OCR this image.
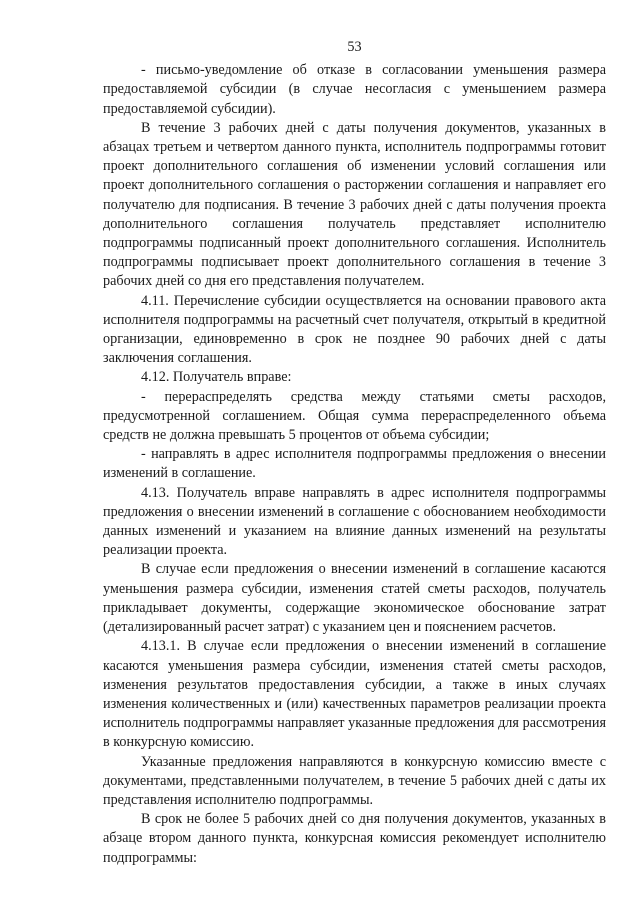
53

- письмо-уведомление об отказе в согласовании уменьшения размера предоставляемой субсидии (в случае несогласия с уменьшением размера предоставляемой субсидии).

В течение 3 рабочих дней с даты получения документов, указанных в абзацах третьем и четвертом данного пункта, исполнитель подпрограммы готовит проект дополнительного соглашения об изменении условий соглашения или проект дополнительного соглашения о расторжении соглашения и направляет его получателю для подписания. В течение 3 рабочих дней с даты получения проекта дополнительного соглашения получатель представляет исполнителю подпрограммы подписанный проект дополнительного соглашения. Исполнитель подпрограммы подписывает проект дополнительного соглашения в течение 3 рабочих дней со дня его представления получателем.

4.11. Перечисление субсидии осуществляется на основании правового акта исполнителя подпрограммы на расчетный счет получателя, открытый в кредитной организации, единовременно в срок не позднее 90 рабочих дней с даты заключения соглашения.

4.12. Получатель вправе:

- перераспределять средства между статьями сметы расходов, предусмотренной соглашением. Общая сумма перераспределенного объема средств не должна превышать 5 процентов от объема субсидии;

- направлять в адрес исполнителя подпрограммы предложения о внесении изменений в соглашение.

4.13. Получатель вправе направлять в адрес исполнителя подпрограммы предложения о внесении изменений в соглашение с обоснованием необходимости данных изменений и указанием на влияние данных изменений на результаты реализации проекта.

В случае если предложения о внесении изменений в соглашение касаются уменьшения размера субсидии, изменения статей сметы расходов, получатель прикладывает документы, содержащие экономическое обоснование затрат (детализированный расчет затрат) с указанием цен и пояснением расчетов.

4.13.1. В случае если предложения о внесении изменений в соглашение касаются уменьшения размера субсидии, изменения статей сметы расходов, изменения результатов предоставления субсидии, а также в иных случаях изменения количественных и (или) качественных параметров реализации проекта исполнитель подпрограммы направляет указанные предложения для рассмотрения в конкурсную комиссию.

Указанные предложения направляются в конкурсную комиссию вместе с документами, представленными получателем, в течение 5 рабочих дней с даты их представления исполнителю подпрограммы.

В срок не более 5 рабочих дней со дня получения документов, указанных в абзаце втором данного пункта, конкурсная комиссия рекомендует исполнителю подпрограммы:
